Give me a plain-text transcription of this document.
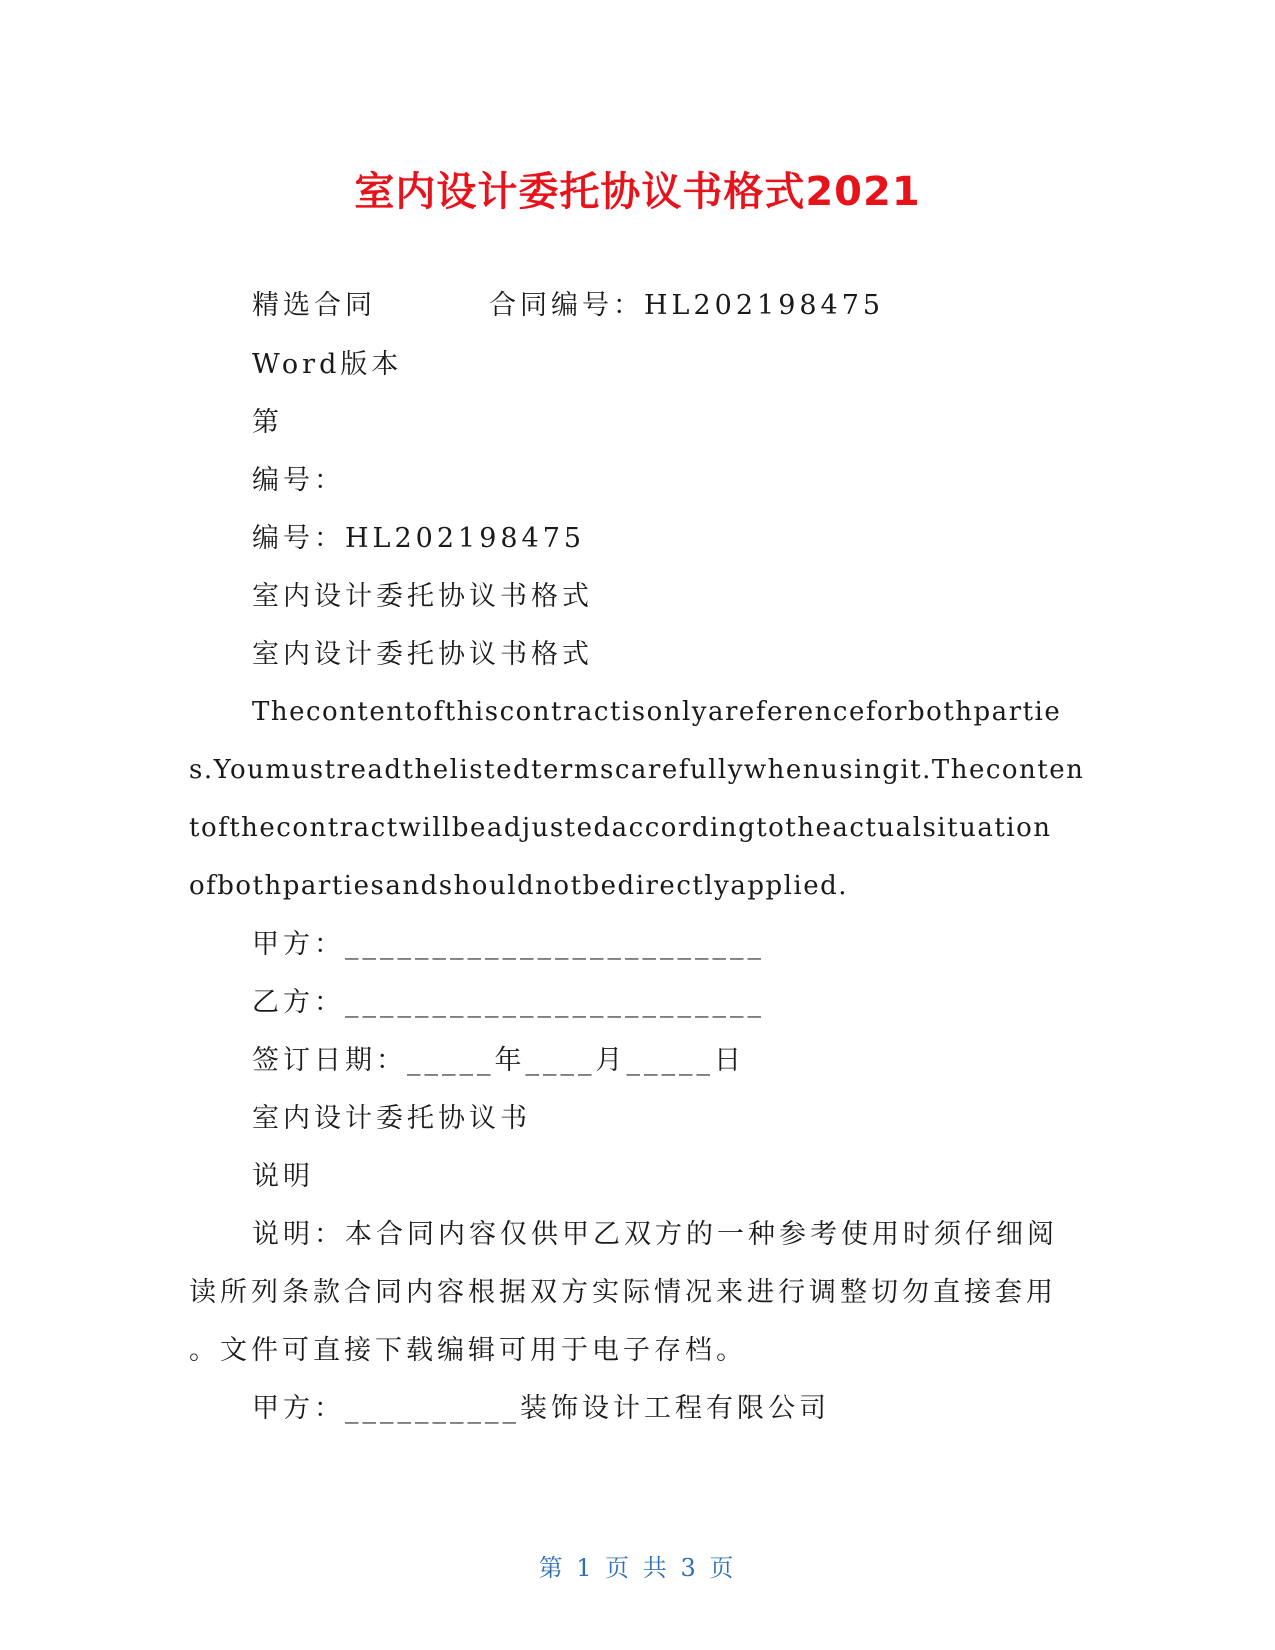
室内设计委托协议书格式2021
精选合同	合同编号：HL202198475
Word版本
第
编号：
编号：HL202198475
室内设计委托协议书格式
室内设计委托协议书格式
Thecontentofthiscontractisonlyareferenceforbothpartie
s.Youmustreadthelistedtermscarefullywhenusingit.Theconten
tofthecontractwillbeadjustedaccordingtotheactualsituation
ofbothpartiesandshouldnotbedirectlyapplied.
甲方：________________________
乙方：________________________
签订日期：_____年____月_____日
室内设计委托协议书
说明
说明：本合同内容仅供甲乙双方的一种参考使用时须仔细阅
读所列条款合同内容根据双方实际情况来进行调整切勿直接套用
。文件可直接下载编辑可用于电子存档。
甲方：__________装饰设计工程有限公司
第 1 页 共 3 页
